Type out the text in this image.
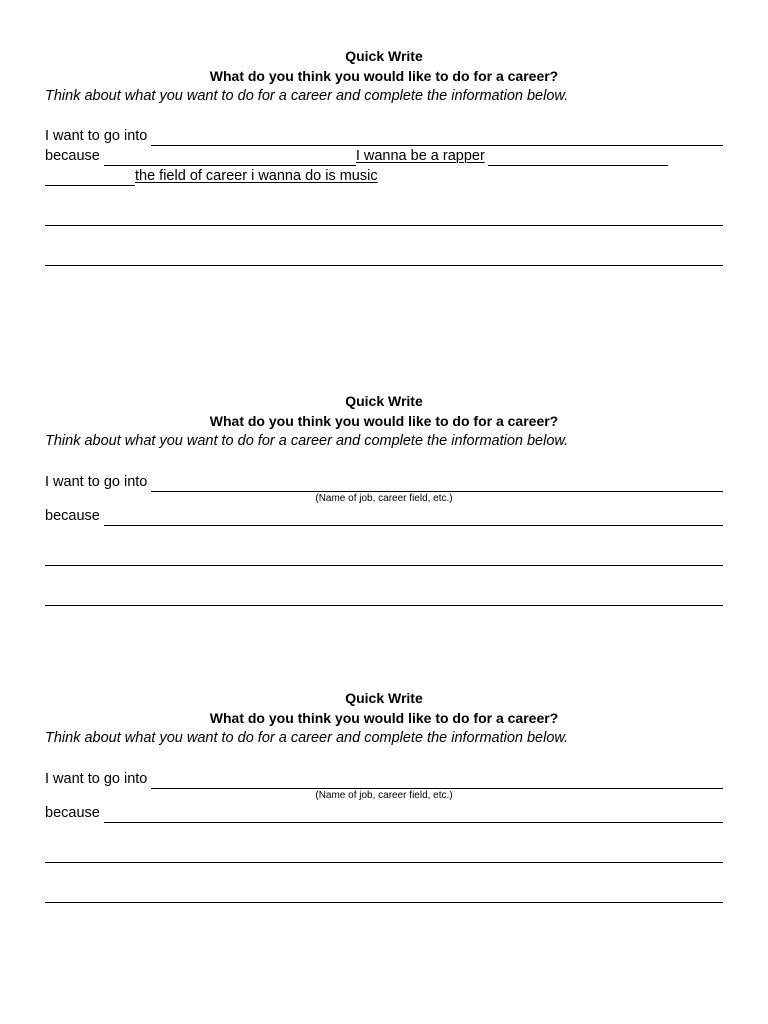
Quick Write
What do you think you would like to do for a career?
Think about what you want to do for a career and complete the information below.
I want to go into
because	I wanna be a rapper
the field of career i wanna do is music
Quick Write
What do you think you would like to do for a career?
Think about what you want to do for a career and complete the information below.
I want to go into
(Name of job, career field, etc.)
because
Quick Write
What do you think you would like to do for a career?
Think about what you want to do for a career and complete the information below.
I want to go into
(Name of job, career field, etc.)
because
